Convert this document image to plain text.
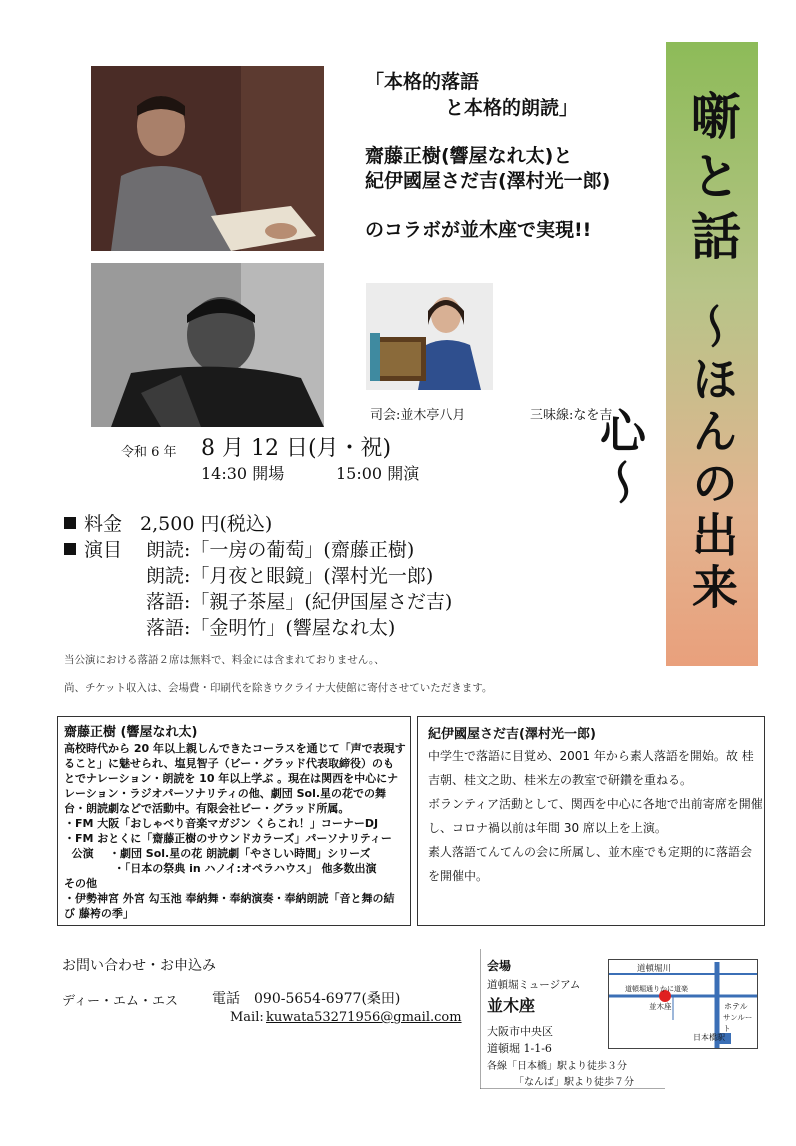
「本格的落語
と本格的朗読」
齋藤正樹(響屋なれ太)と
紀伊國屋さだ吉(澤村光一郎)
のコラボが並木座で実現!!	噺と話
〜ほんの出来心〜
司会:並木亭八月	三味線:なを吉
令和 6 年 8 月 12 日(月・祝)
14:30 開場	15:00 開演
料金 2,500 円(税込)
演目 朗読:「一房の葡萄」(齋藤正樹)
朗読:「月夜と眼鏡」(澤村光一郎)
落語:「親子茶屋」(紀伊国屋さだ吉)
落語:「金明竹」(響屋なれ太)
当公演における落語２席は無料で、料金には含まれておりません。、
尚、チケット収入は、会場費・印刷代を除きウクライナ大使館に寄付させていただきます。
齋藤正樹 (響屋なれ太)
高校時代から 20 年以上親しんできたコーラスを通じて「声で表現す
ること」に魅せられ、塩見智子（ビー・グラッド代表取締役）のも
とでナレーション・朗読を 10 年以上学ぶ 。現在は関西を中心にナ
レーション・ラジオパーソナリティの他、劇団 Sol.星の花での舞
台・朗読劇などで活動中。有限会社ビー・グラッド所属。
・FM 大阪「おしゃべり音楽マガジン くらこれ！」コーナーDJ
・FM おとくに「齋藤正樹のサウンドカラーズ」パーソナリティー
公演    ・劇団 Sol.星の花 朗読劇「やさしい時間」シリーズ
・「日本の祭典 in ハノイ:オペラハウス」 他多数出演
その他
・伊勢神宮 外宮 勾玉池 奉納舞・奉納演奏・奉納朗読「音と舞の結
び 藤袴の季」
紀伊國屋さだ吉(澤村光一郎)
中学生で落語に目覚め、2001 年から素人落語を開始。故 桂
吉朝、桂文之助、桂米左の教室で研鑽を重ねる。
ボランティア活動として、関西を中心に各地で出前寄席を開催
し、コロナ禍以前は年間 30 席以上を上演。
素人落語てんてんの会に所属し、並木座でも定期的に落語会
を開催中。
お問い合わせ・お申込み
ディー・エム・エス 電話 090-5654-6977(桑田)
Mail: kuwata53271956@gmail.com
会場
道頓堀ミュージアム
並木座
大阪市中央区
道頓堀 1-1-6
各線「日本橋」駅より徒歩３分
「なんば」駅より徒歩７分
道頓堀川
道頓堀通りかに道楽
並木座	ホテル
サンルート
日本橋駅
